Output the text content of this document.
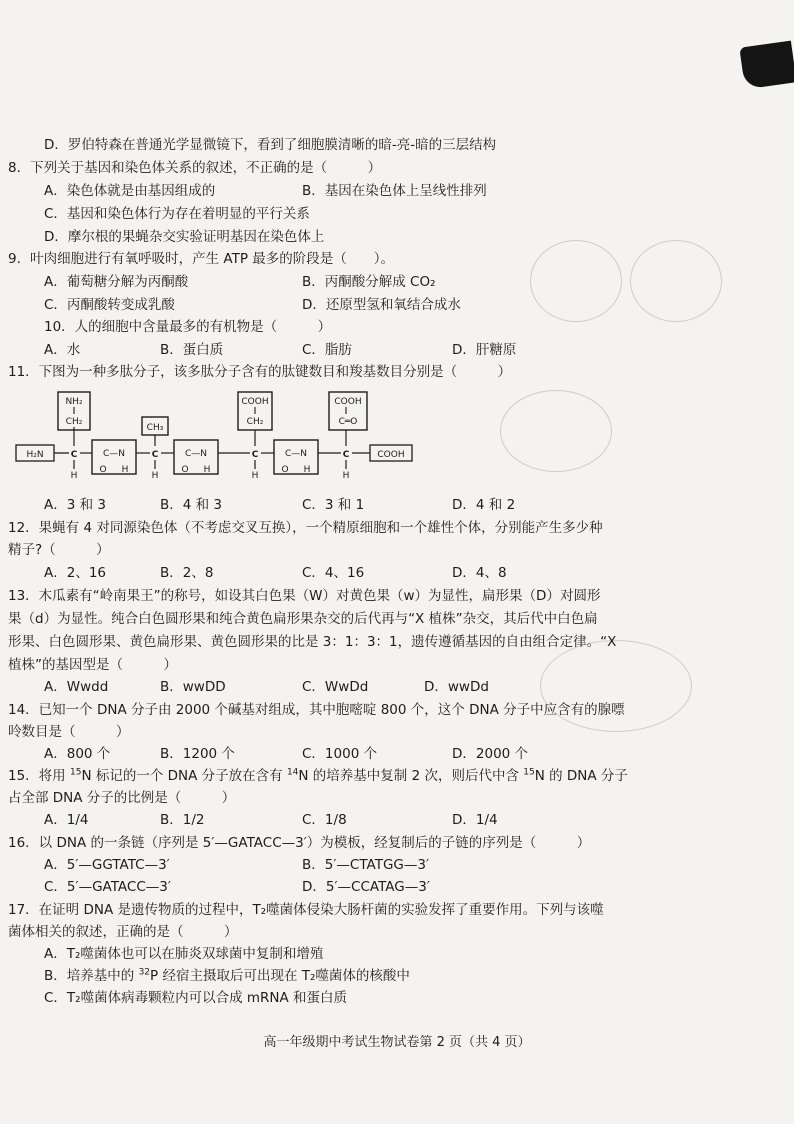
D．罗伯特森在普通光学显微镜下，看到了细胞膜清晰的暗-亮-暗的三层结构
8．下列关于基因和染色体关系的叙述，不正确的是（　　　）
A．染色体就是由基因组成的	B．基因在染色体上呈线性排列
C．基因和染色体行为存在着明显的平行关系
D．摩尔根的果蝇杂交实验证明基因在染色体上
9．叶肉细胞进行有氧呼吸时，产生 ATP 最多的阶段是（　　）。
A．葡萄糖分解为丙酮酸	B．丙酮酸分解成 CO₂
C．丙酮酸转变成乳酸	D．还原型氢和氧结合成水
10．人的细胞中含量最多的有机物是（　　　）
A．水	B．蛋白质	C．脂肪	D．肝糖原
11．下图为一种多肽分子，该多肽分子含有的肽键数目和羧基数目分别是（　　　）
H₂N	C
H
NH₂
CH₂
C—N
O H
C
H
CH₃
C—N
O H
C
H
COOH
CH₂
C—N
O H
C
H
COOH
C═O
COOH
A．3 和 3	B．4 和 3	C．3 和 1	D．4 和 2
12．果蝇有 4 对同源染色体（不考虑交叉互换），一个精原细胞和一个雄性个体，分别能产生多少种
精子?（　　　）
A．2、16	B．2、8	C．4、16	D．4、8
13．木瓜素有“岭南果王”的称号，如设其白色果（W）对黄色果（w）为显性，扁形果（D）对圆形
果（d）为显性。纯合白色圆形果和纯合黄色扁形果杂交的后代再与“X 植株”杂交，其后代中白色扁
形果、白色圆形果、黄色扁形果、黄色圆形果的比是 3：1：3：1，遗传遵循基因的自由组合定律。“X
植株”的基因型是（　　　）
A．Wwdd	B．wwDD	C．WwDd	D．wwDd
14．已知一个 DNA 分子由 2000 个碱基对组成，其中胞嘧啶 800 个，这个 DNA 分子中应含有的腺嘌
呤数目是（　　　）
A．800 个	B．1200 个	C．1000 个	D．2000 个
15．将用 $^{15}$N 标记的一个 DNA 分子放在含有 $^{14}$N 的培养基中复制 2 次，则后代中含 $^{15}$N 的 DNA 分子
占全部 DNA 分子的比例是（　　　）
A．1/4	B．1/2	C．1/8	D．1/4
16．以 DNA 的一条链（序列是 5′—GATACC—3′）为模板，经复制后的子链的序列是（　　　）
A．5′—GGTATC—3′	B．5′—CTATGG—3′
C．5′—GATACC—3′	D．5′—CCATAG—3′
17．在证明 DNA 是遗传物质的过程中，T₂噬菌体侵染大肠杆菌的实验发挥了重要作用。下列与该噬
菌体相关的叙述，正确的是（　　　）
A．T₂噬菌体也可以在肺炎双球菌中复制和增殖
B．培养基中的 $^{32}$P 经宿主摄取后可出现在 T₂噬菌体的核酸中
C．T₂噬菌体病毒颗粒内可以合成 mRNA 和蛋白质
高一年级期中考试生物试卷第 2 页（共 4 页）
